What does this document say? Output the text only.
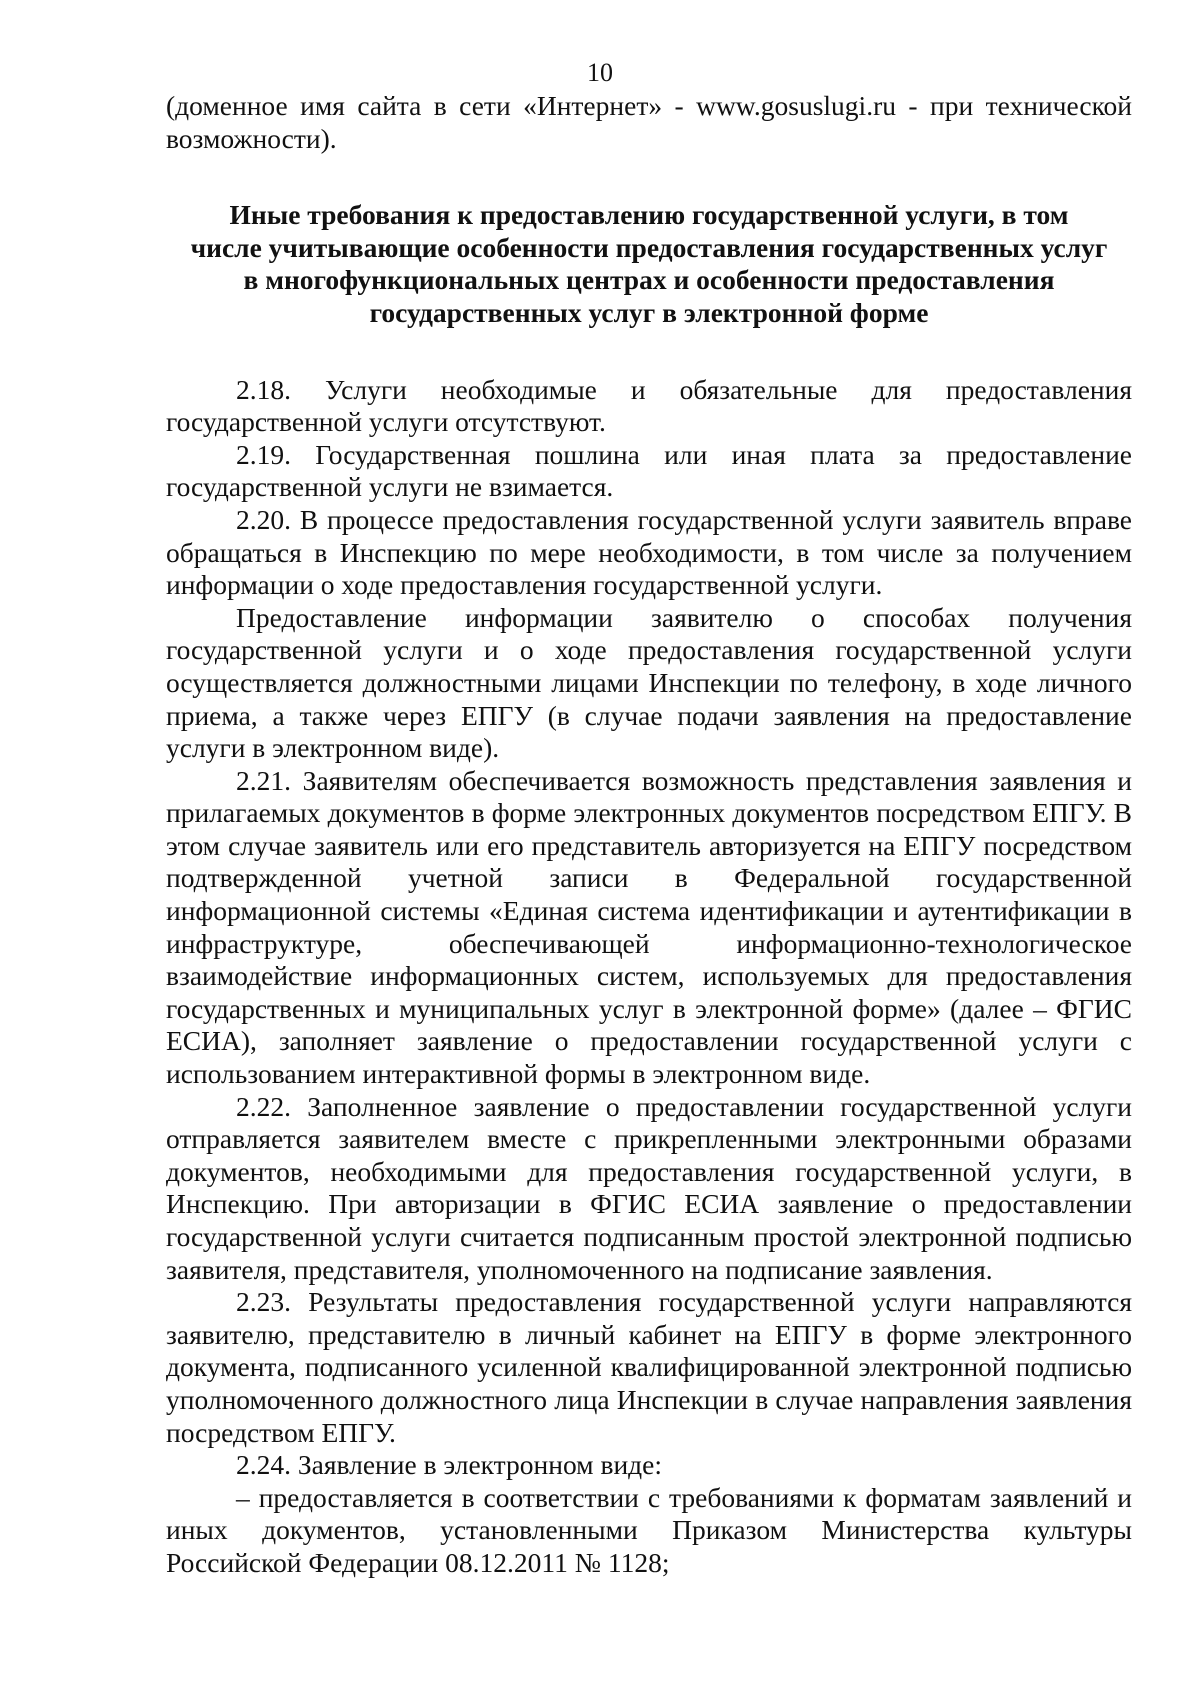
10

(доменное имя сайта в сети «Интернет» - www.gosuslugi.ru - при технической возможности).

Иные требования к предоставлению государственной услуги, в том
числе учитывающие особенности предоставления государственных услуг
в многофункциональных центрах и особенности предоставления
государственных услуг в электронной форме

2.18. Услуги необходимые и обязательные для предоставления государственной услуги отсутствуют.

2.19. Государственная пошлина или иная плата за предоставление государственной услуги не взимается.

2.20. В процессе предоставления государственной услуги заявитель вправе обращаться в Инспекцию по мере необходимости, в том числе за получением информации о ходе предоставления государственной услуги.

Предоставление информации заявителю о способах получения государственной услуги и о ходе предоставления государственной услуги осуществляется должностными лицами Инспекции по телефону, в ходе личного приема, а также через ЕПГУ (в случае подачи заявления на предоставление услуги в электронном виде).

2.21. Заявителям обеспечивается возможность представления заявления и прилагаемых документов в форме электронных документов посредством ЕПГУ. В этом случае заявитель или его представитель авторизуется на ЕПГУ посредством подтвержденной учетной записи в Федеральной государственной информационной системы «Единая система идентификации и аутентификации в инфраструктуре, обеспечивающей информационно-технологическое взаимодействие информационных систем, используемых для предоставления государственных и муниципальных услуг в электронной форме» (далее – ФГИС ЕСИА), заполняет заявление о предоставлении государственной услуги с использованием интерактивной формы в электронном виде.

2.22. Заполненное заявление о предоставлении государственной услуги отправляется заявителем вместе с прикрепленными электронными образами документов, необходимыми для предоставления государственной услуги, в Инспекцию. При авторизации в ФГИС ЕСИА заявление о предоставлении государственной услуги считается подписанным простой электронной подписью заявителя, представителя, уполномоченного на подписание заявления.

2.23. Результаты предоставления государственной услуги направляются заявителю, представителю в личный кабинет на ЕПГУ в форме электронного документа, подписанного усиленной квалифицированной электронной подписью уполномоченного должностного лица Инспекции в случае направления заявления посредством ЕПГУ.

2.24. Заявление в электронном виде:

– предоставляется в соответствии с требованиями к форматам заявлений и иных документов, установленными Приказом Министерства культуры Российской Федерации 08.12.2011 № 1128;
